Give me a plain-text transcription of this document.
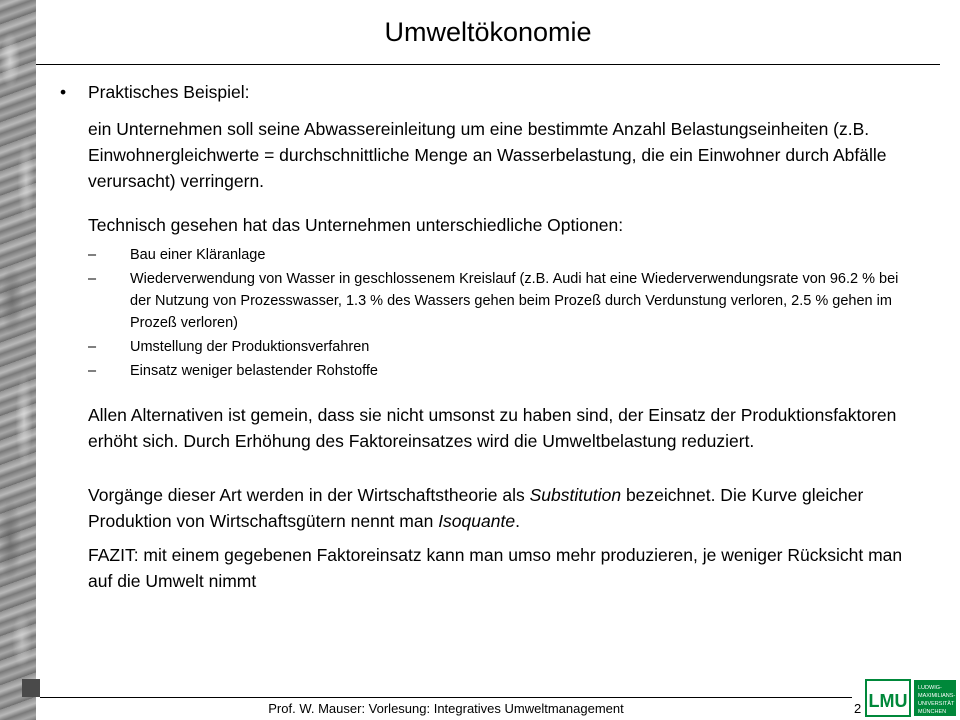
Umweltökonomie
• Praktisches Beispiel:

ein Unternehmen soll seine Abwassereinleitung um eine bestimmte Anzahl Belastungseinheiten (z.B. Einwohnergleichwerte = durchschnittliche Menge an Wasserbelastung, die ein Einwohner durch Abfälle verursacht) verringern.

Technisch gesehen hat das Unternehmen unterschiedliche Optionen:

– Bau einer Kläranlage
– Wiederverwendung von Wasser in geschlossenem Kreislauf (z.B. Audi hat eine Wiederverwendungsrate von 96.2 % bei der Nutzung von Prozesswasser, 1.3 % des Wassers gehen beim Prozeß durch Verdunstung verloren, 2.5 % gehen im Prozeß verloren)
– Umstellung der Produktionsverfahren
– Einsatz weniger belastender Rohstoffe

Allen Alternativen ist gemein, dass sie nicht umsonst zu haben sind, der Einsatz der Produktionsfaktoren erhöht sich. Durch Erhöhung des Faktoreinsatzes wird die Umweltbelastung reduziert.

Vorgänge dieser Art werden in der Wirtschaftstheorie als Substitution bezeichnet. Die Kurve gleicher Produktion von Wirtschaftsgütern nennt man Isoquante.

FAZIT: mit einem gegebenen Faktoreinsatz kann man umso mehr produzieren, je weniger Rücksicht man auf die Umwelt nimmt

Prof. W. Mauser: Vorlesung: Integratives Umweltmanagement	2 LMU
LUDWIG-
MAXIMILIANS-
UNIVERSITÄT
MÜNCHEN
